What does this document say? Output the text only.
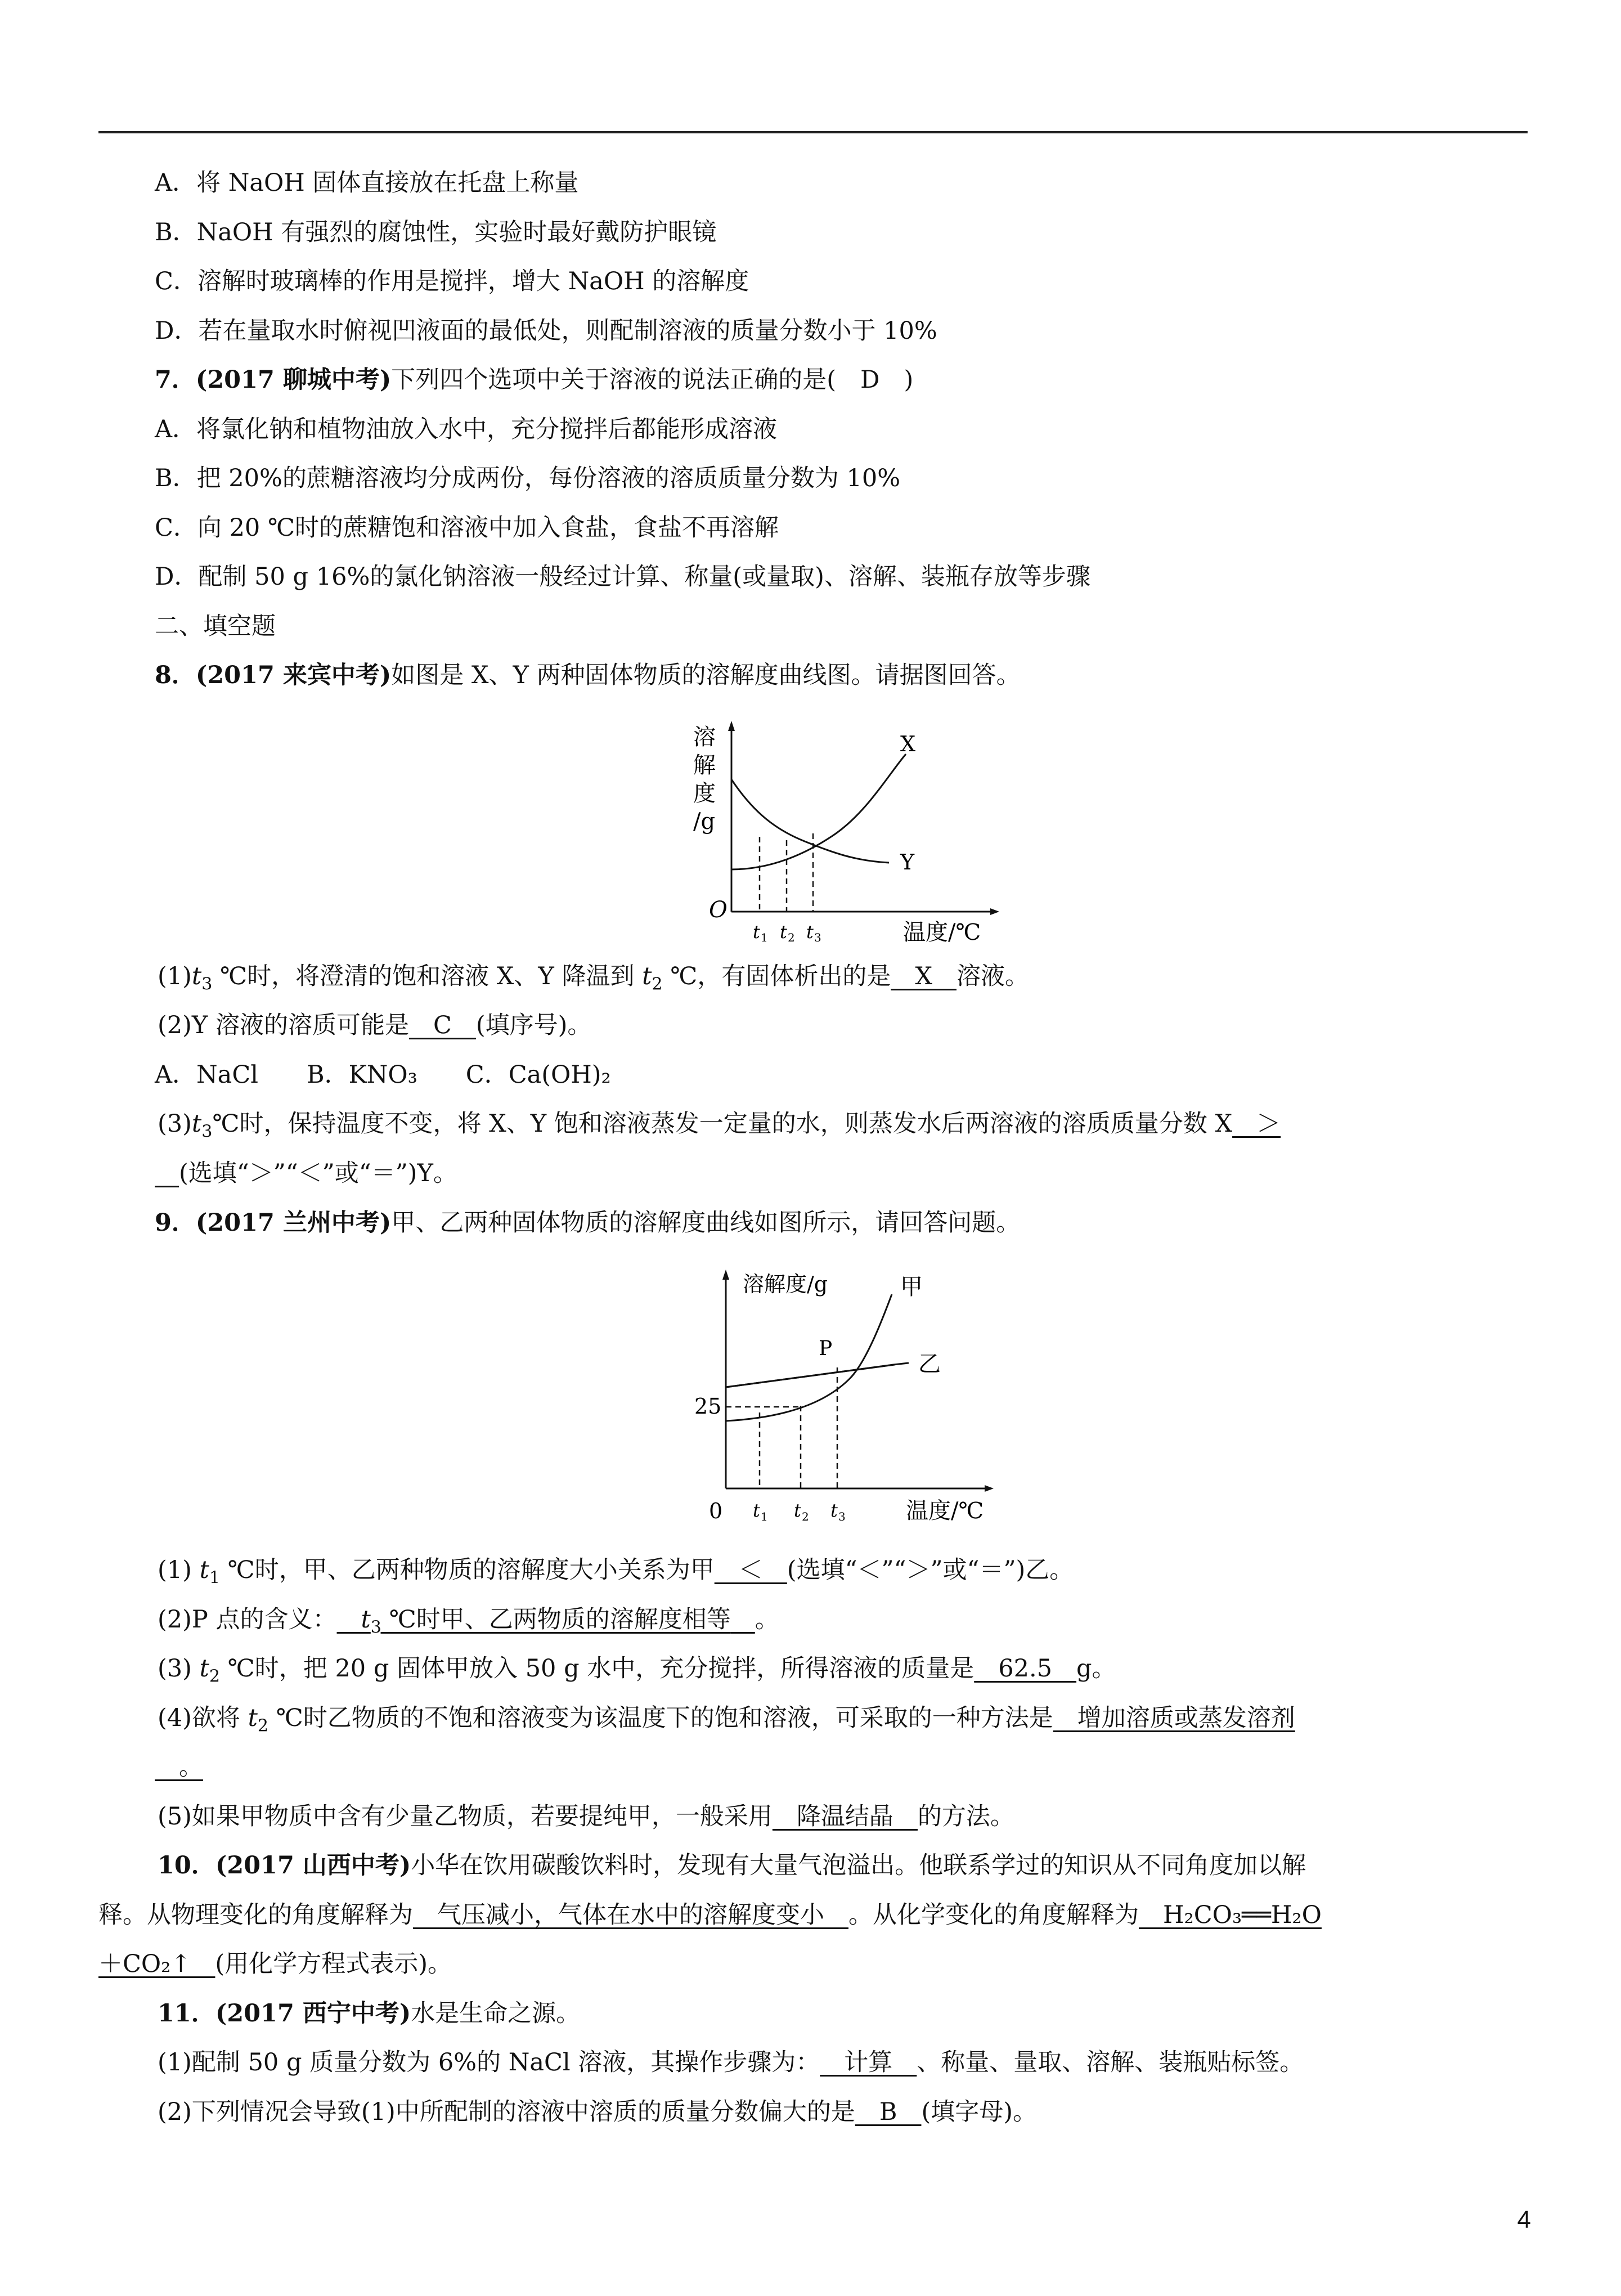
A．将 NaOH 固体直接放在托盘上称量
B．NaOH 有强烈的腐蚀性，实验时最好戴防护眼镜
C．溶解时玻璃棒的作用是搅拌，增大 NaOH 的溶解度
D．若在量取水时俯视凹液面的最低处，则配制溶液的质量分数小于 10%
7．(2017 聊城中考)下列四个选项中关于溶液的说法正确的是(　D　)
A．将氯化钠和植物油放入水中，充分搅拌后都能形成溶液
B．把 20%的蔗糖溶液均分成两份，每份溶液的溶质质量分数为 10%
C．向 20 ℃时的蔗糖饱和溶液中加入食盐，食盐不再溶解
D．配制 50 g 16%的氯化钠溶液一般经过计算、称量(或量取)、溶解、装瓶存放等步骤
二、填空题
8．(2017 来宾中考)如图是 X、Y 两种固体物质的溶解度曲线图。请据图回答。
溶
解
度
/g
O
t 1 t 2 t 3	温度/℃
X
Y
$(1)t_3$ ℃时，将澄清的饱和溶液 X、Y 降温到 $t_2$ ℃，有固体析出的是__X__溶液。
(2)Y 溶液的溶质可能是__C__(填序号)。
A．NaCl　　B．KNO₃　　C．Ca(OH)₂
$(3)t_3℃$时，保持温度不变，将 X、Y 饱和溶液蒸发一定量的水，则蒸发水后两溶液的溶质质量分数 X__＞
__(选填“＞”“＜”或“＝”)Y。
9．(2017 兰州中考)甲、乙两种固体物质的溶解度曲线如图所示，请回答问题。
溶解度/g
25
0 t 1 t 2 t 3	温度/℃
甲
乙
P
(1) $t_1$ ℃时，甲、乙两种物质的溶解度大小关系为甲__＜__(选填“＜”“＞”或“＝”)乙。
(2)P 点的含义：$\_\_t_3$ ℃时甲、乙两物质的溶解度相等__。
(3) $t_2$ ℃时，把 20 g 固体甲放入 50 g 水中，充分搅拌，所得溶液的质量是__62.5__g。
(4)欲将 $t_2$ ℃时乙物质的不饱和溶液变为该温度下的饱和溶液，可采取的一种方法是__增加溶质或蒸发溶剂
__。
(5)如果甲物质中含有少量乙物质，若要提纯甲，一般采用__降温结晶__的方法。
10．(2017 山西中考)小华在饮用碳酸饮料时，发现有大量气泡溢出。他联系学过的知识从不同角度加以解
释。从物理变化的角度解释为__气压减小，气体在水中的溶解度变小__。从化学变化的角度解释为__H₂CO₃══H₂O
＋CO₂↑__(用化学方程式表示)。
11．(2017 西宁中考)水是生命之源。
(1)配制 50 g 质量分数为 6%的 NaCl 溶液，其操作步骤为：__计算__、称量、量取、溶解、装瓶贴标签。
(2)下列情况会导致(1)中所配制的溶液中溶质的质量分数偏大的是__B__(填字母)。
4
